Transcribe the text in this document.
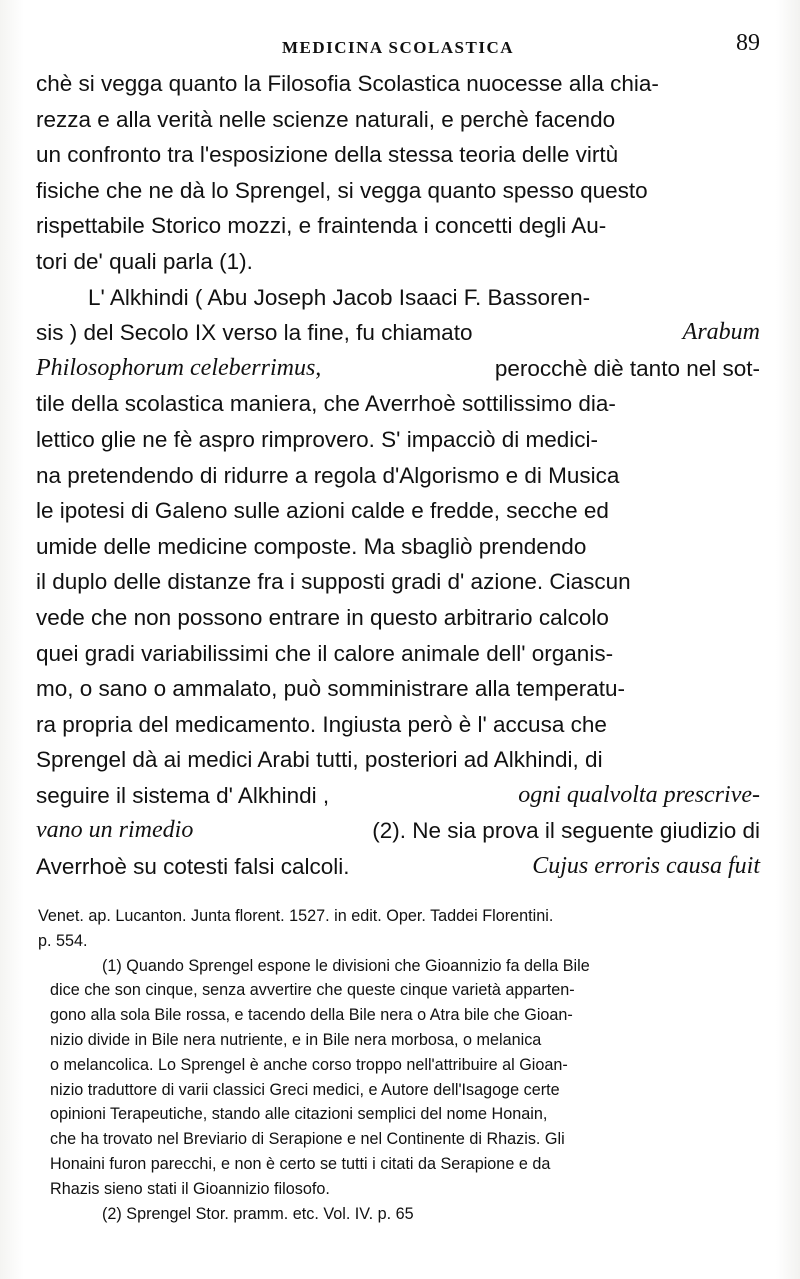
MEDICINA SCOLASTICA	89
chè si vegga quanto la Filosofia Scolastica nuocesse alla chia-
rezza e alla verità nelle scienze naturali, e perchè facendo
un confronto tra l'esposizione della stessa teoria delle virtù
fisiche che ne dà lo Sprengel, si vegga quanto spesso questo
rispettabile Storico mozzi, e fraintenda i concetti degli Au-
tori de' quali parla (1).
L' Alkhindi ( Abu Joseph Jacob Isaaci F. Bassoren-
sis ) del Secolo IX verso la fine, fu chiamato	Arabum
Philosophorum celeberrimus,	perocchè diè tanto nel sot-
tile della scolastica maniera, che Averrhoè sottilissimo dia-
lettico glie ne fè aspro rimprovero. S' impacciò di medici-
na pretendendo di ridurre a regola d'Algorismo e di Musica
le ipotesi di Galeno sulle azioni calde e fredde, secche ed
umide delle medicine composte. Ma sbagliò prendendo
il duplo delle distanze fra i supposti gradi d' azione. Ciascun
vede che non possono entrare in questo arbitrario calcolo
quei gradi variabilissimi che il calore animale dell' organis-
mo, o sano o ammalato, può somministrare alla temperatu-
ra propria del medicamento. Ingiusta però è l' accusa che
Sprengel dà ai medici Arabi tutti, posteriori ad Alkhindi, di
seguire il sistema d' Alkhindi ,	ogni qualvolta prescrive-
vano un rimedio	(2). Ne sia prova il seguente giudizio di
Averrhoè su cotesti falsi calcoli.	Cujus erroris causa fuit
Venet. ap. Lucanton. Junta florent. 1527. in edit. Oper. Taddei Florentini.
p. 554.
(1) Quando Sprengel espone le divisioni che Gioannizio fa della Bile
dice che son cinque, senza avvertire che queste cinque varietà apparten-
gono alla sola Bile rossa, e tacendo della Bile nera o Atra bile che Gioan-
nizio divide in Bile nera nutriente, e in Bile nera morbosa, o melanica
o melancolica. Lo Sprengel è anche corso troppo nell'attribuire al Gioan-
nizio traduttore di varii classici Greci medici, e Autore dell'Isagoge certe
opinioni Terapeutiche, stando alle citazioni semplici del nome Honain,
che ha trovato nel Breviario di Serapione e nel Continente di Rhazis. Gli
Honaini furon parecchi, e non è certo se tutti i citati da Serapione e da
Rhazis sieno stati il Gioannizio filosofo.
(2) Sprengel Stor. pramm. etc. Vol. IV. p. 65
